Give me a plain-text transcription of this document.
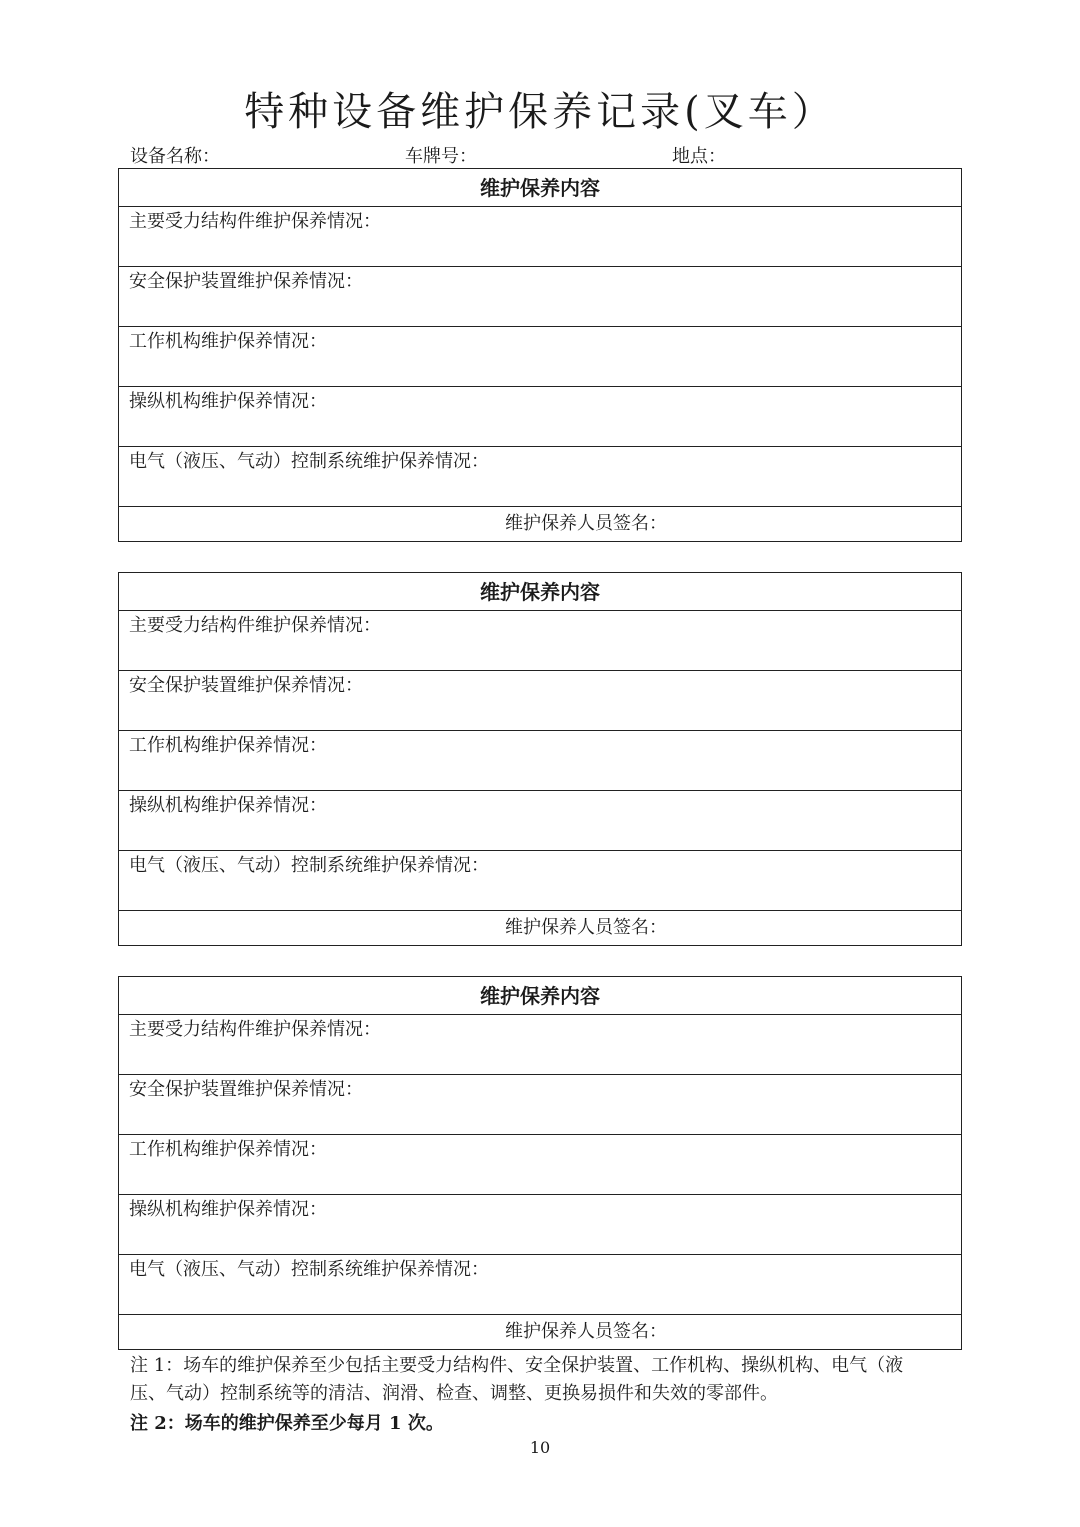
特种设备维护保养记录(叉车）
设备名称：	车牌号：	地点：
维护保养内容
主要受力结构件维护保养情况：
安全保护装置维护保养情况：
工作机构维护保养情况：
操纵机构维护保养情况：
电气（液压、气动）控制系统维护保养情况：
维护保养人员签名：
维护保养内容
主要受力结构件维护保养情况：
安全保护装置维护保养情况：
工作机构维护保养情况：
操纵机构维护保养情况：
电气（液压、气动）控制系统维护保养情况：
维护保养人员签名：
维护保养内容
主要受力结构件维护保养情况：
安全保护装置维护保养情况：
工作机构维护保养情况：
操纵机构维护保养情况：
电气（液压、气动）控制系统维护保养情况：
维护保养人员签名：
注 1：场车的维护保养至少包括主要受力结构件、安全保护装置、工作机构、操纵机构、电气（液
压、气动）控制系统等的清洁、润滑、检查、调整、更换易损件和失效的零部件。
注 2：场车的维护保养至少每月 1 次。
10
